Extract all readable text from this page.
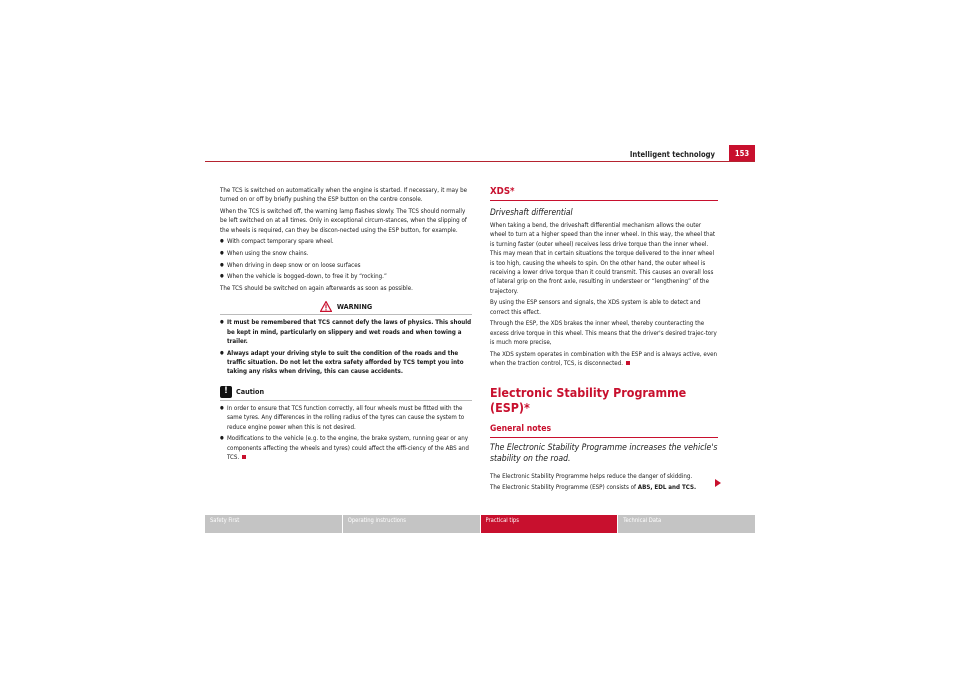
Intelligent technology	153

The TCS is switched on automatically when the engine is started. If necessary, it may be turned on or off by briefly pushing the ESP button on the centre console.

When the TCS is switched off, the warning lamp flashes slowly. The TCS should normally be left switched on at all times. Only in exceptional circum-stances, when the slipping of the wheels is required, can they be discon-nected using the ESP button, for example.

● With compact temporary spare wheel.
● When using the snow chains.
● When driving in deep snow or on loose surfaces
● When the vehicle is bogged-down, to free it by “rocking.”

The TCS should be switched on again afterwards as soon as possible.

WARNING
● It must be remembered that TCS cannot defy the laws of physics. This should be kept in mind, particularly on slippery and wet roads and when towing a trailer.
● Always adapt your driving style to suit the condition of the roads and the traffic situation. Do not let the extra safety afforded by TCS tempt you into taking any risks when driving, this can cause accidents.
!	Caution
● In order to ensure that TCS function correctly, all four wheels must be fitted with the same tyres. Any differences in the rolling radius of the tyres can cause the system to reduce engine power when this is not desired.
● Modifications to the vehicle (e.g. to the engine, the brake system, running gear or any components affecting the wheels and tyres) could affect the effi-ciency of the ABS and TCS.
XDS*
Driveshaft differential

When taking a bend, the driveshaft differential mechanism allows the outer wheel to turn at a higher speed than the inner wheel. In this way, the wheel that is turning faster (outer wheel) receives less drive torque than the inner wheel. This may mean that in certain situations the torque delivered to the inner wheel is too high, causing the wheels to spin. On the other hand, the outer wheel is receiving a lower drive torque than it could transmit. This causes an overall loss of lateral grip on the front axle, resulting in understeer or “lengthening” of the trajectory.

By using the ESP sensors and signals, the XDS system is able to detect and correct this effect.

Through the ESP, the XDS brakes the inner wheel, thereby counteracting the excess drive torque in this wheel. This means that the driver's desired trajec-tory is much more precise,

The XDS system operates in combination with the ESP and is always active, even when the traction control, TCS, is disconnected.

Electronic Stability Programme (ESP)*
General notes
The Electronic Stability Programme increases the vehicle's stability on the road.

The Electronic Stability Programme helps reduce the danger of skidding.

The Electronic Stability Programme (ESP) consists of ABS, EDL and TCS.

Safety First	Operating instructions	Practical tips	Technical Data
